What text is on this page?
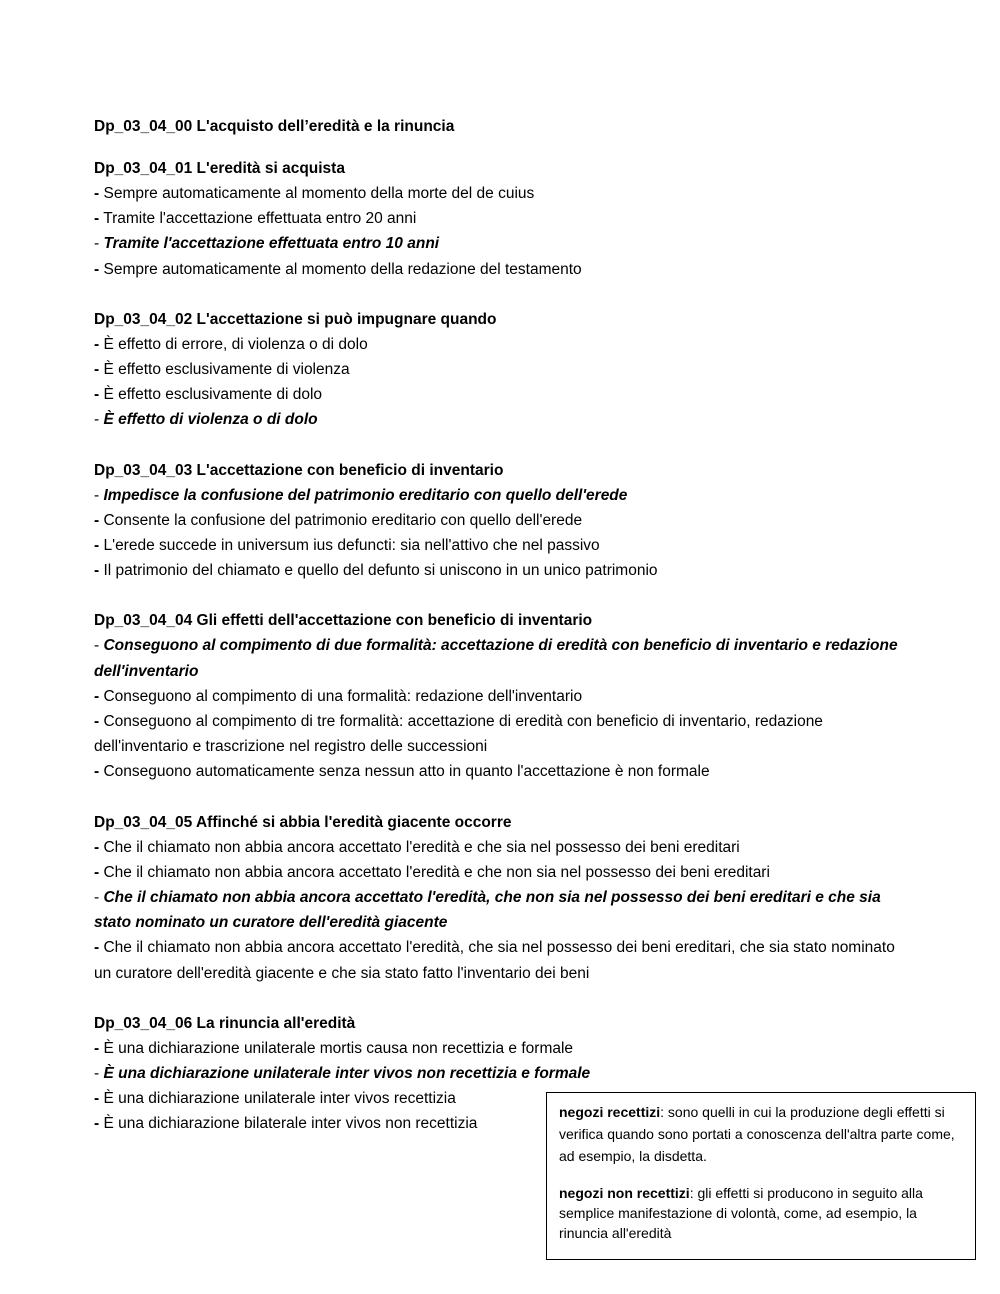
Dp_03_04_00 L'acquisto dell’eredità e la rinuncia
Dp_03_04_01 L'eredità si acquista
- Sempre automaticamente al momento della morte del de cuius
- Tramite l'accettazione effettuata entro 20 anni
- Tramite l'accettazione effettuata entro 10 anni
- Sempre automaticamente al momento della redazione del testamento
Dp_03_04_02 L'accettazione si può impugnare quando
- È effetto di errore, di violenza o di dolo
- È effetto esclusivamente di violenza
- È effetto esclusivamente di dolo
- È effetto di violenza o di dolo
Dp_03_04_03 L'accettazione con beneficio di inventario
- Impedisce la confusione del patrimonio ereditario con quello dell'erede
- Consente la confusione del patrimonio ereditario con quello dell'erede
- L'erede succede in universum ius defuncti: sia nell'attivo che nel passivo
- Il patrimonio del chiamato e quello del defunto si uniscono in un unico patrimonio
Dp_03_04_04 Gli effetti dell'accettazione con beneficio di inventario
- Conseguono al compimento di due formalità: accettazione di eredità con beneficio di inventario e redazione dell'inventario
- Conseguono al compimento di una formalità: redazione dell'inventario
- Conseguono al compimento di tre formalità: accettazione di eredità con beneficio di inventario, redazione dell'inventario e trascrizione nel registro delle successioni
- Conseguono automaticamente senza nessun atto in quanto l'accettazione è non formale
Dp_03_04_05 Affinché si abbia l'eredità giacente occorre
- Che il chiamato non abbia ancora accettato l'eredità e che sia nel possesso dei beni ereditari
- Che il chiamato non abbia ancora accettato l'eredità e che non sia nel possesso dei beni ereditari
- Che il chiamato non abbia ancora accettato l'eredità, che non sia nel possesso dei beni ereditari e che sia stato nominato un curatore dell'eredità giacente
- Che il chiamato non abbia ancora accettato l'eredità, che sia nel possesso dei beni ereditari, che sia stato nominato un curatore dell'eredità giacente e che sia stato fatto l'inventario dei beni
Dp_03_04_06 La rinuncia all'eredità
- È una dichiarazione unilaterale mortis causa non recettizia e formale
- È una dichiarazione unilaterale inter vivos non recettizia e formale
- È una dichiarazione unilaterale inter vivos recettizia
- È una dichiarazione bilaterale inter vivos non recettizia

negozi recettizi: sono quelli in cui la produzione degli effetti si verifica quando sono portati a conoscenza dell'altra parte come, ad esempio, la disdetta.

negozi non recettizi: gli effetti si producono in seguito alla semplice manifestazione di volontà, come, ad esempio, la rinuncia all'eredità
